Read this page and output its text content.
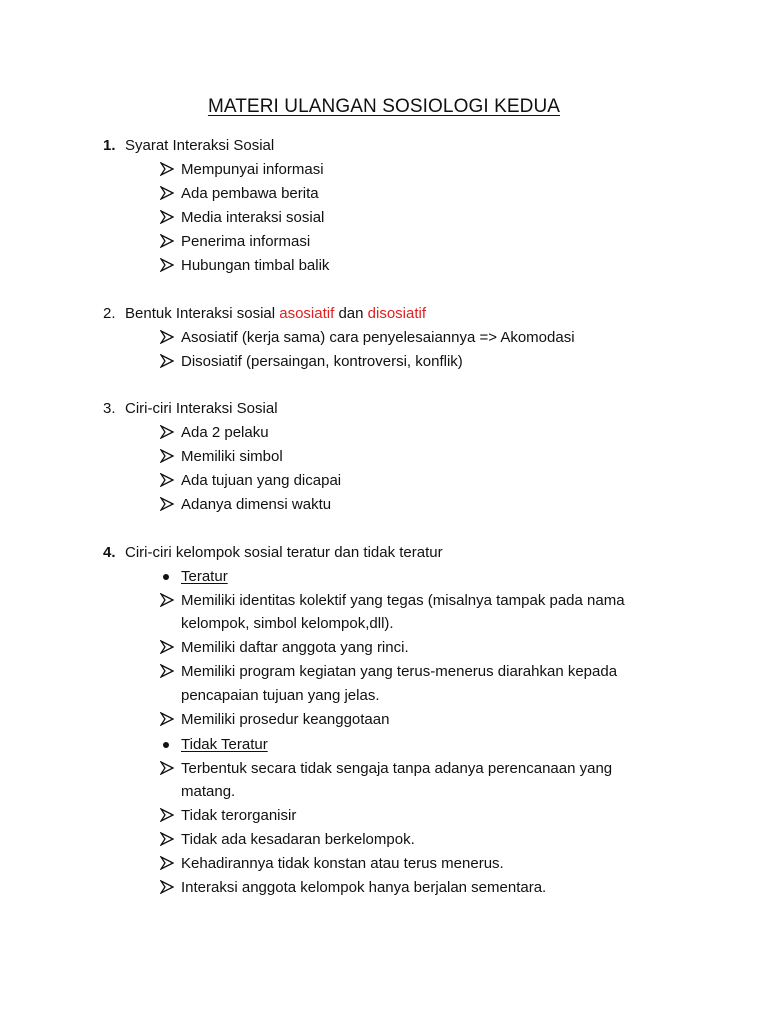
MATERI ULANGAN SOSIOLOGI KEDUA
1. Syarat Interaksi Sosial
Mempunyai informasi
Ada pembawa berita
Media interaksi sosial
Penerima informasi
Hubungan timbal balik
2. Bentuk Interaksi sosial asosiatif dan disosiatif
Asosiatif (kerja sama) cara penyelesaiannya => Akomodasi
Disosiatif (persaingan, kontroversi, konflik)
3. Ciri-ciri Interaksi Sosial
Ada 2 pelaku
Memiliki simbol
Ada tujuan yang dicapai
Adanya dimensi waktu
4. Ciri-ciri kelompok sosial teratur dan tidak teratur
Teratur
Memiliki identitas kolektif yang tegas (misalnya tampak pada nama
kelompok, simbol kelompok,dll).
Memiliki daftar anggota yang rinci.
Memiliki program kegiatan yang terus-menerus diarahkan kepada
pencapaian tujuan yang jelas.
Memiliki prosedur keanggotaan
Tidak Teratur
Terbentuk secara tidak sengaja tanpa adanya perencanaan yang
matang.
Tidak terorganisir
Tidak ada kesadaran berkelompok.
Kehadirannya tidak konstan atau terus menerus.
Interaksi anggota kelompok hanya berjalan sementara.
